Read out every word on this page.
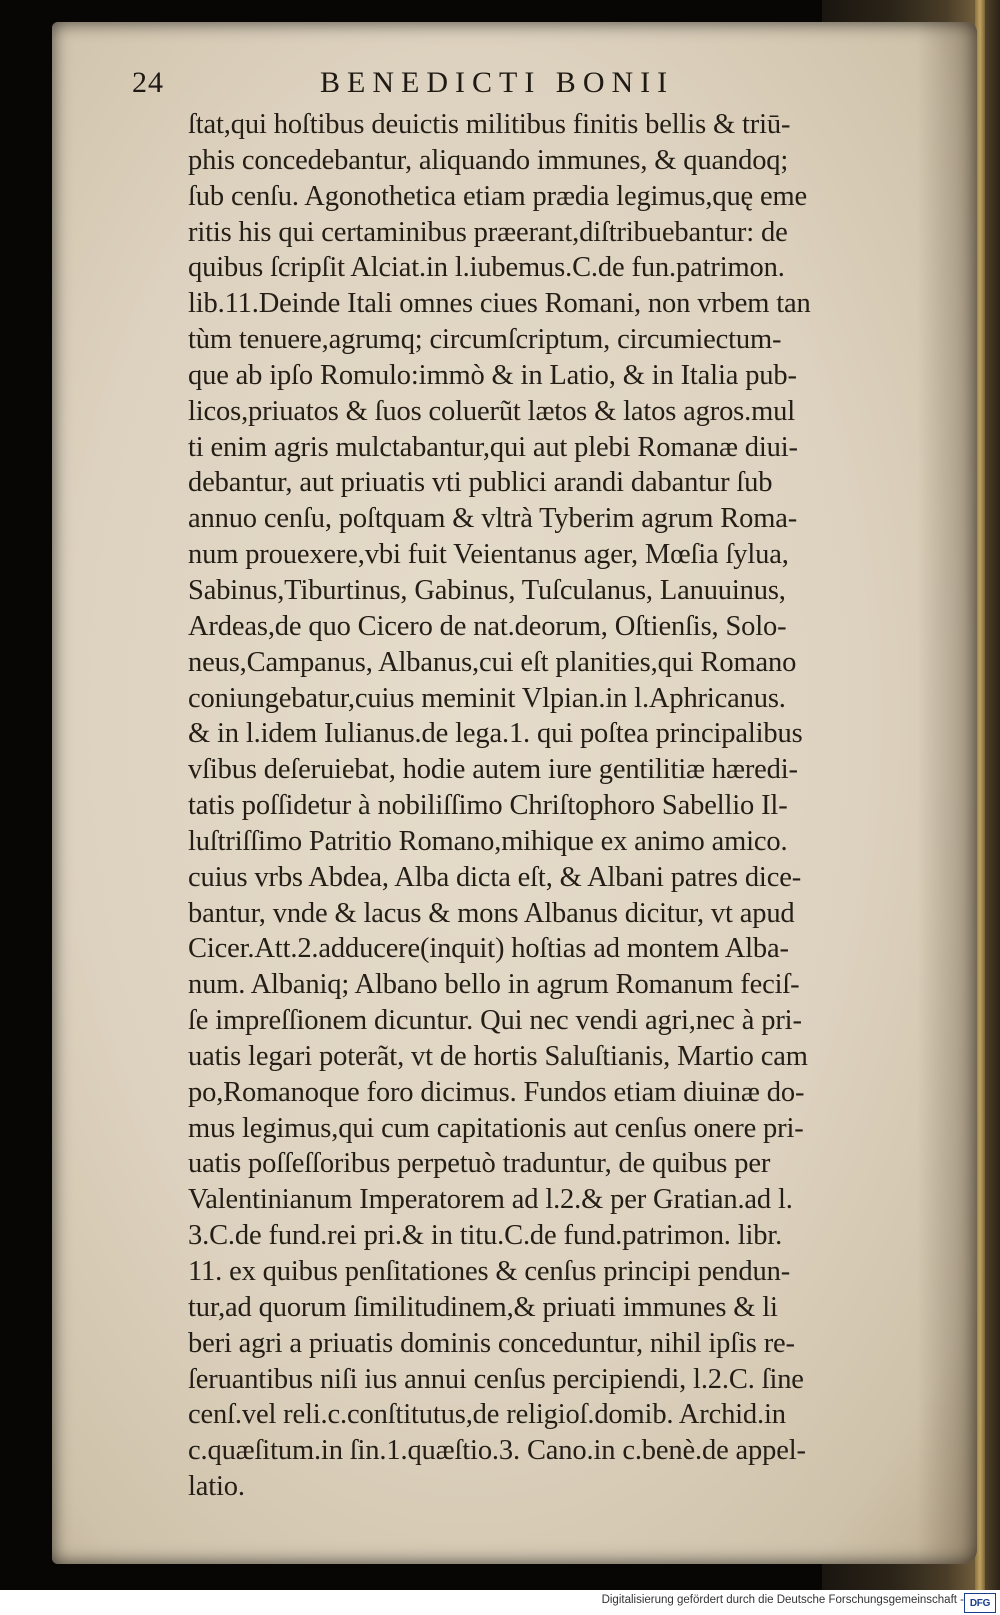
24	BENEDICTI BONII
ſtat,qui hoſtibus deuictis militibus finitis bellis & triū-
phis concedebantur, aliquando immunes, & quandoq;
ſub cenſu. Agonothetica etiam prædia legimus,quę eme
ritis his qui certaminibus præerant,diſtribuebantur: de
quibus ſcripſit Alciat.in l.iubemus.C.de fun.patrimon.
lib.11.Deinde Itali omnes ciues Romani, non vrbem tan
tùm tenuere,agrumq; circumſcriptum, circumiectum-
que ab ipſo Romulo:immò & in Latio, & in Italia pub-
licos,priuatos & ſuos coluerũt lætos & latos agros.mul
ti enim agris mulctabantur,qui aut plebi Romanæ diui-
debantur, aut priuatis vti publici arandi dabantur ſub
annuo cenſu, poſtquam & vltrà Tyberim agrum Roma-
num prouexere,vbi fuit Veientanus ager, Mœſia ſylua,
Sabinus,Tiburtinus, Gabinus, Tuſculanus, Lanuuinus,
Ardeas,de quo Cicero de nat.deorum, Oſtienſis, Solo-
neus,Campanus, Albanus,cui eſt planities,qui Romano
coniungebatur,cuius meminit Vlpian.in l.Aphricanus.
& in l.idem Iulianus.de lega.1. qui poſtea principalibus
vſibus deſeruiebat, hodie autem iure gentilitiæ hæredi-
tatis poſſidetur à nobiliſſimo Chriſtophoro Sabellio Il-
luſtriſſimo Patritio Romano,mihique ex animo amico.
cuius vrbs Abdea, Alba dicta eſt, & Albani patres dice-
bantur, vnde & lacus & mons Albanus dicitur, vt apud
Cicer.Att.2.adducere(inquit) hoſtias ad montem Alba-
num. Albaniq; Albano bello in agrum Romanum feciſ-
ſe impreſſionem dicuntur. Qui nec vendi agri,nec à pri-
uatis legari poterãt, vt de hortis Saluſtianis, Martio cam
po,Romanoque foro dicimus. Fundos etiam diuinæ do-
mus legimus,qui cum capitationis aut cenſus onere pri-
uatis poſſeſſoribus perpetuò traduntur, de quibus per
Valentinianum Imperatorem ad l.2.& per Gratian.ad l.
3.C.de fund.rei pri.& in titu.C.de fund.patrimon. libr.
11. ex quibus penſitationes & cenſus principi pendun-
tur,ad quorum ſimilitudinem,& priuati immunes & li
beri agri a priuatis dominis conceduntur, nihil ipſis re-
ſeruantibus niſi ius annui cenſus percipiendi, l.2.C. ſine
cenſ.vel reli.c.conſtitutus,de religioſ.domib. Archid.in
c.quæſitum.in ſin.1.quæſtio.3. Cano.in c.benè.de appel-
latio.
Digitalisierung gefördert durch die Deutsche Forschungsgemeinschaft - DFG
